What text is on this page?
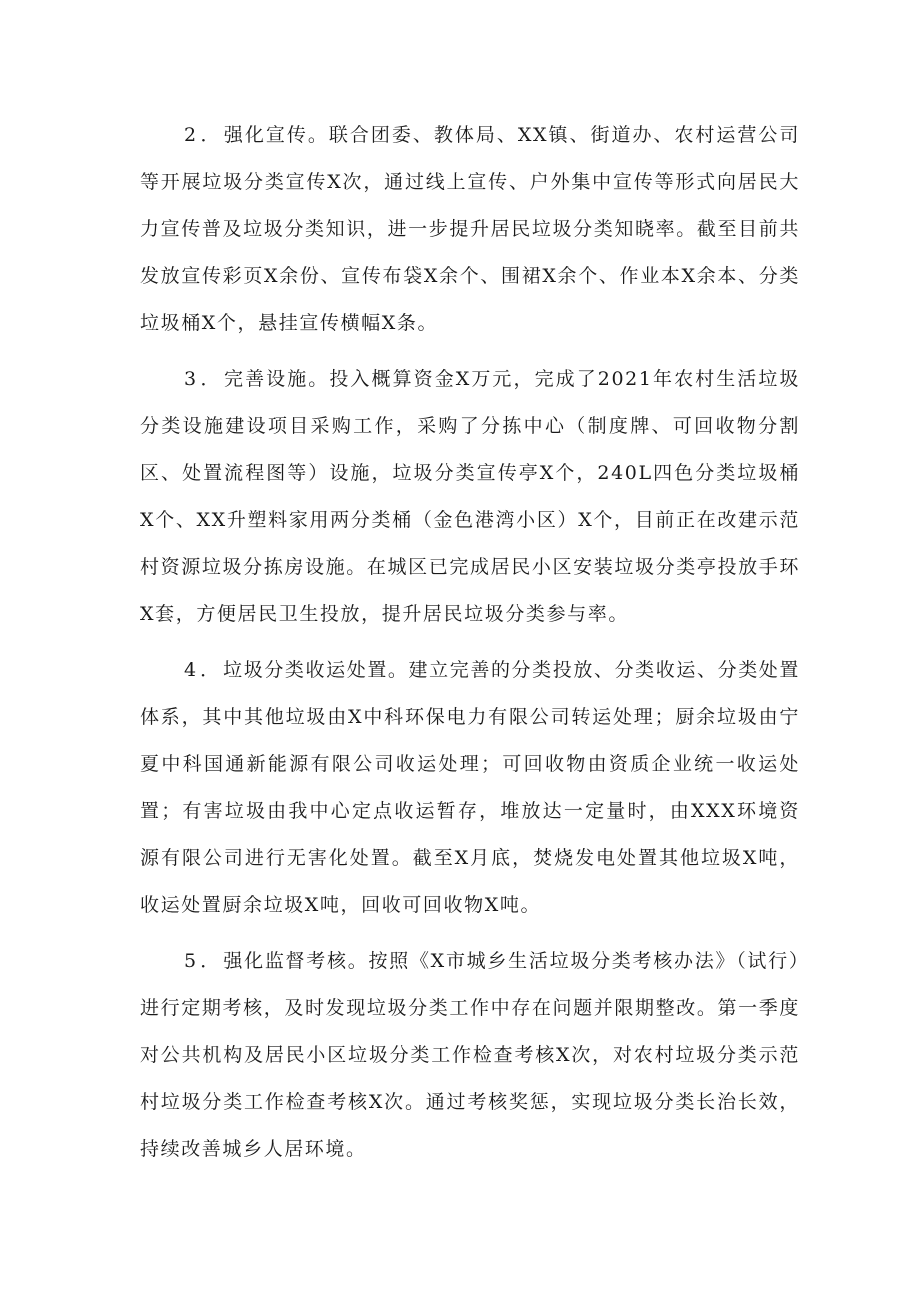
2．强化宣传。联合团委、教体局、XX镇、街道办、农村运营公司等开展垃圾分类宣传X次，通过线上宣传、户外集中宣传等形式向居民大力宣传普及垃圾分类知识，进一步提升居民垃圾分类知晓率。截至目前共发放宣传彩页X余份、宣传布袋X余个、围裙X余个、作业本X余本、分类垃圾桶X个，悬挂宣传横幅X条。

3．完善设施。投入概算资金X万元，完成了2021年农村生活垃圾分类设施建设项目采购工作，采购了分拣中心（制度牌、可回收物分割区、处置流程图等）设施，垃圾分类宣传亭X个，240L四色分类垃圾桶X个、XX升塑料家用两分类桶（金色港湾小区）X个，目前正在改建示范村资源垃圾分拣房设施。在城区已完成居民小区安装垃圾分类亭投放手环X套，方便居民卫生投放，提升居民垃圾分类参与率。

4．垃圾分类收运处置。建立完善的分类投放、分类收运、分类处置体系，其中其他垃圾由X中科环保电力有限公司转运处理；厨余垃圾由宁夏中科国通新能源有限公司收运处理；可回收物由资质企业统一收运处置；有害垃圾由我中心定点收运暂存，堆放达一定量时，由XXX环境资源有限公司进行无害化处置。截至X月底，焚烧发电处置其他垃圾X吨，收运处置厨余垃圾X吨，回收可回收物X吨。

5．强化监督考核。按照《X市城乡生活垃圾分类考核办法》（试行）进行定期考核，及时发现垃圾分类工作中存在问题并限期整改。第一季度对公共机构及居民小区垃圾分类工作检查考核X次，对农村垃圾分类示范村垃圾分类工作检查考核X次。通过考核奖惩，实现垃圾分类长治长效，持续改善城乡人居环境。
